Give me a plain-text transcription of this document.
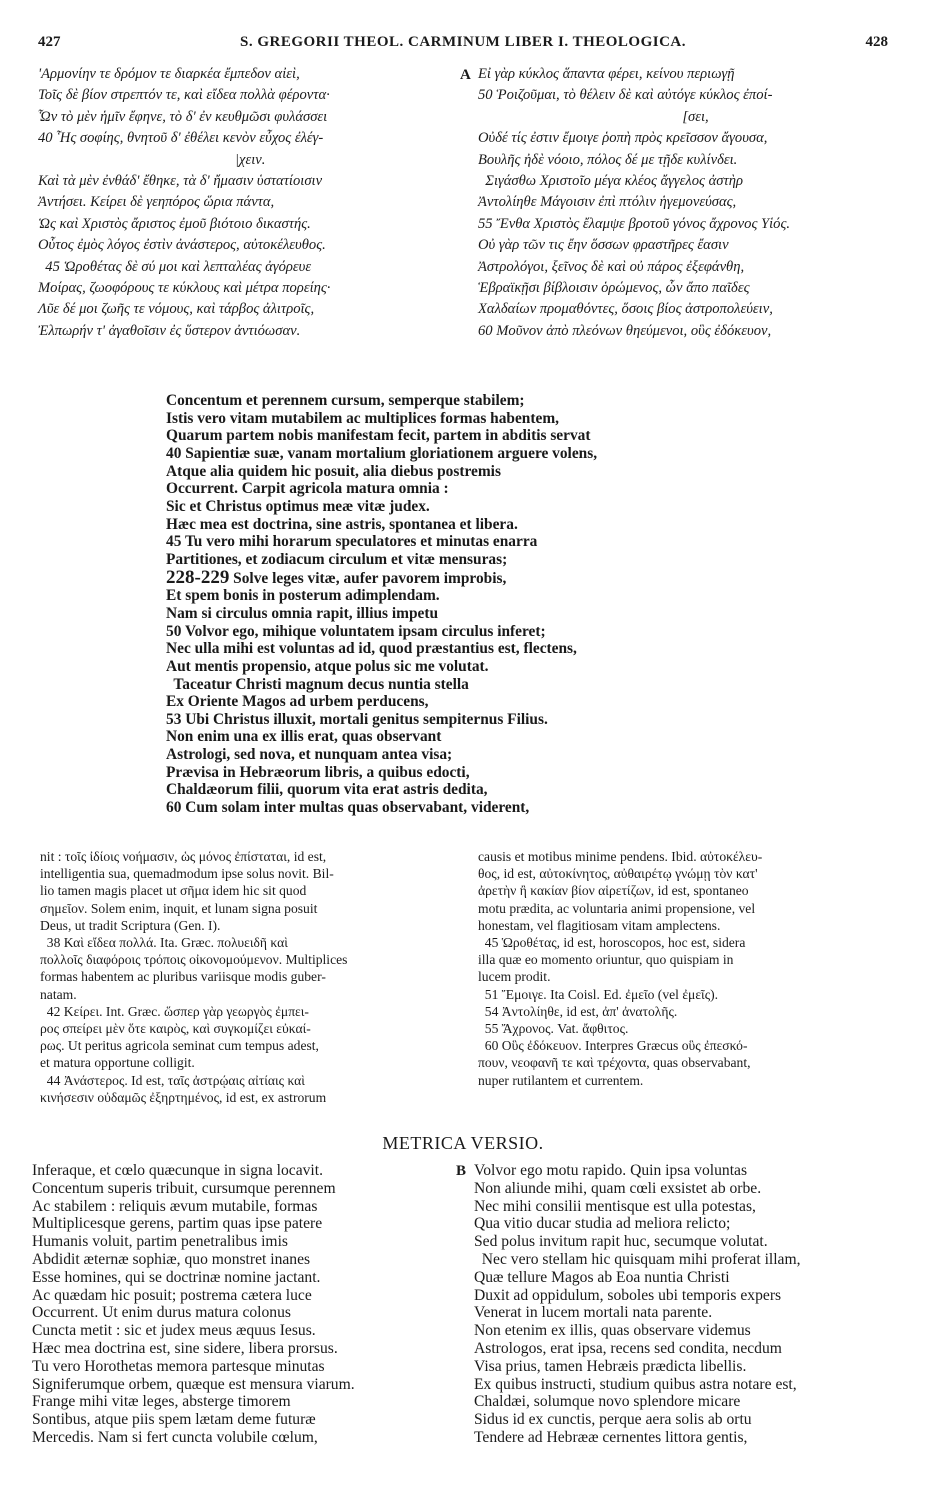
427	S. GREGORII THEOL. CARMINUM LIBER I. THEOLOGICA.	428
'Αρμονίην τε δρόμον τε διαρκέα ἔμπεδον αἰεὶ,
Τοῖς δὲ βίον στρεπτόν τε, καὶ εἴδεα πολλὰ φέροντα·
Ὧν τὸ μὲν ἡμῖν ἔφηνε, τὸ δ' ἐν κευθμῶσι φυλάσσει
40 Ἧς σοφίης, θνητοῦ δ' ἐθέλει κενὸν εὖχος ἐλέγ-
|χειν.
Καὶ τὰ μὲν ἐνθάδ' ἔθηκε, τὰ δ' ἤμασιν ὑστατίοισιν
Ἀντήσει. Κείρει δὲ γεηπόρος ὥρια πάντα,
Ὡς καὶ Χριστὸς ἄριστος ἐμοῦ βιότοιο δικαστής.
Οὗτος ἐμὸς λόγος ἐστὶν ἀνάστερος, αὐτοκέλευθος.
45 Ὡροθέτας δὲ σύ μοι καὶ λεπταλέας ἀγόρευε
Μοίρας, ζωοφόρους τε κύκλους καὶ μέτρα πορείης·
Λῦε δέ μοι ζωῆς τε νόμους, καὶ τάρβος ἀλιτροῖς,
Ἐλπωρήν τ' ἀγαθοῖσιν ἐς ὕστερον ἀντιόωσαν.
A Εἰ γὰρ κύκλος ἅπαντα φέρει, κείνου περιωγῇ
50 Ῥοιζοῦμαι, τὸ θέλειν δὲ καὶ αὐτόγε κύκλος ἐποί-
[σει,
Οὐδέ τίς ἐστιν ἔμοιγε ῥοπὴ πρὸς κρεῖσσον ἄγουσα,
Βουλῆς ἠδὲ νόοιο, πόλος δέ με τῇδε κυλίνδει.
Σιγάσθω Χριστοῖο μέγα κλέος ἄγγελος ἀστὴρ
Ἀντολίηθε Μάγοισιν ἐπὶ πτόλιν ἡγεμονεύσας,
55 Ἔνθα Χριστὸς ἔλαμψε βροτοῦ γόνος ἄχρονος Υἱός.
Οὐ γὰρ τῶν τις ἔην ὅσσων φραστῆρες ἔασιν
Ἀστρολόγοι, ξεῖνος δὲ καὶ οὐ πάρος ἐξεφάνθη,
Ἑβραϊκῇσι βίβλοισιν ὁρώμενος, ὧν ἄπο παῖδες
Χαλδαίων προμαθόντες, ὅσοις βίος ἀστροπολεύειν,
60 Μοῦνον ἀπὸ πλεόνων θηεύμενοι, οὓς ἐδόκευον,
Concentum et perennem cursum, semperque stabilem;
Istis vero vitam mutabilem ac multiplices formas habentem,
Quarum partem nobis manifestam fecit, partem in abditis servat
40 Sapientiæ suæ, vanam mortalium gloriationem arguere volens,
Atque alia quidem hic posuit, alia diebus postremis
Occurrent. Carpit agricola matura omnia :
Sic et Christus optimus meæ vitæ judex.
Hæc mea est doctrina, sine astris, spontanea et libera.
45 Tu vero mihi horarum speculatores et minutas enarra
Partitiones, et zodiacum circulum et vitæ mensuras;
228-229 Solve leges vitæ, aufer pavorem improbis,
Et spem bonis in posterum adimplendam.
Nam si circulus omnia rapit, illius impetu
50 Volvor ego, mihique voluntatem ipsam circulus inferet;
Nec ulla mihi est voluntas ad id, quod præstantius est, flectens,
Aut mentis propensio, atque polus sic me volutat.
Taceatur Christi magnum decus nuntia stella
Ex Oriente Magos ad urbem perducens,
53 Ubi Christus illuxit, mortali genitus sempiternus Filius.
Non enim una ex illis erat, quas observant
Astrologi, sed nova, et nunquam antea visa;
Prævisa in Hebræorum libris, a quibus edocti,
Chaldæorum filii, quorum vita erat astris dedita,
60 Cum solam inter multas quas observabant, viderent,
nit : τοῖς ἰδίοις νοήμασιν, ὡς μόνος ἐπίσταται, id est,
intelligentia sua, quemadmodum ipse solus novit. Bil-
lio tamen magis placet ut σῆμα idem hic sit quod
σημεῖον. Solem enim, inquit, et lunam signa posuit
Deus, ut tradit Scriptura (Gen. I).
38 Καὶ εἴδεα πολλά. Ita. Græc. πολυειδῆ καὶ
πολλοῖς διαφόροις τρόποις οἰκονομούμενον. Multiplices
formas habentem ac pluribus variisque modis guber-
natam.
42 Κείρει. Int. Græc. ὥσπερ γὰρ γεωργὸς ἐμπει-
ρος σπείρει μὲν ὅτε καιρὸς, καὶ συγκομίζει εὐκαί-
ρως. Ut peritus agricola seminat cum tempus adest,
et matura opportune colligit.
44 Ἀνάστερος. Id est, ταῖς ἀστρῴαις αἰτίαις καὶ
κινήσεσιν οὐδαμῶς ἐξηρτημένος, id est, ex astrorum
causis et motibus minime pendens. Ibid. αὐτοκέλευ-
θος, id est, αὐτοκίνητος, αὐθαιρέτῳ γνώμῃ τὸν κατ'
ἀρετὴν ἢ κακίαν βίον αἱρετίζων, id est, spontaneo
motu prædita, ac voluntaria animi propensione, vel
honestam, vel flagitiosam vitam amplectens.
45 Ὡροθέτας, id est, horoscopos, hoc est, sidera
illa quæ eo momento oriuntur, quo quispiam in
lucem prodit.
51 Ἔμοιγε. Ita Coisl. Ed. ἐμεῖο (vel ἐμεῖς).
54 Ἀντολίηθε, id est, ἀπ' ἀνατολῆς.
55 Ἄχρονος. Vat. ἄφθιτος.
60 Οὓς ἐδόκευον. Interpres Græcus οὓς ἐπεσκό-
πουν, νεοφανῆ τε καὶ τρέχοντα, quas observabant,
nuper rutilantem et currentem.
METRICA VERSIO.
Inferaque, et cœlo quæcunque in signa locavit.
Concentum superis tribuit, cursumque perennem
Ac stabilem : reliquis ævum mutabile, formas
Multiplicesque gerens, partim quas ipse patere
Humanis voluit, partim penetralibus imis
Abdidit æternæ sophiæ, quo monstret inanes
Esse homines, qui se doctrinæ nomine jactant.
Ac quædam hic posuit; postrema cætera luce
Occurrent. Ut enim durus matura colonus
Cuncta metit : sic et judex meus æquus Iesus.
Hæc mea doctrina est, sine sidere, libera prorsus.
Tu vero Horothetas memora partesque minutas
Signiferumque orbem, quæque est mensura viarum.
Frange mihi vitæ leges, absterge timorem
Sontibus, atque piis spem lætam deme futuræ
Mercedis. Nam si fert cuncta volubile cœlum,
B Volvor ego motu rapido. Quin ipsa voluntas
Non aliunde mihi, quam cœli exsistet ab orbe.
Nec mihi consilii mentisque est ulla potestas,
Qua vitio ducar studia ad meliora relicto;
Sed polus invitum rapit huc, secumque volutat.
Nec vero stellam hic quisquam mihi proferat illam,
Quæ tellure Magos ab Eoa nuntia Christi
Duxit ad oppidulum, soboles ubi temporis expers
Venerat in lucem mortali nata parente.
Non etenim ex illis, quas observare videmus
Astrologos, erat ipsa, recens sed condita, necdum
Visa prius, tamen Hebræis prædicta libellis.
Ex quibus instructi, studium quibus astra notare est,
Chaldæi, solumque novo splendore micare
Sidus id ex cunctis, perque aera solis ab ortu
Tendere ad Hebrææ cernentes littora gentis,
